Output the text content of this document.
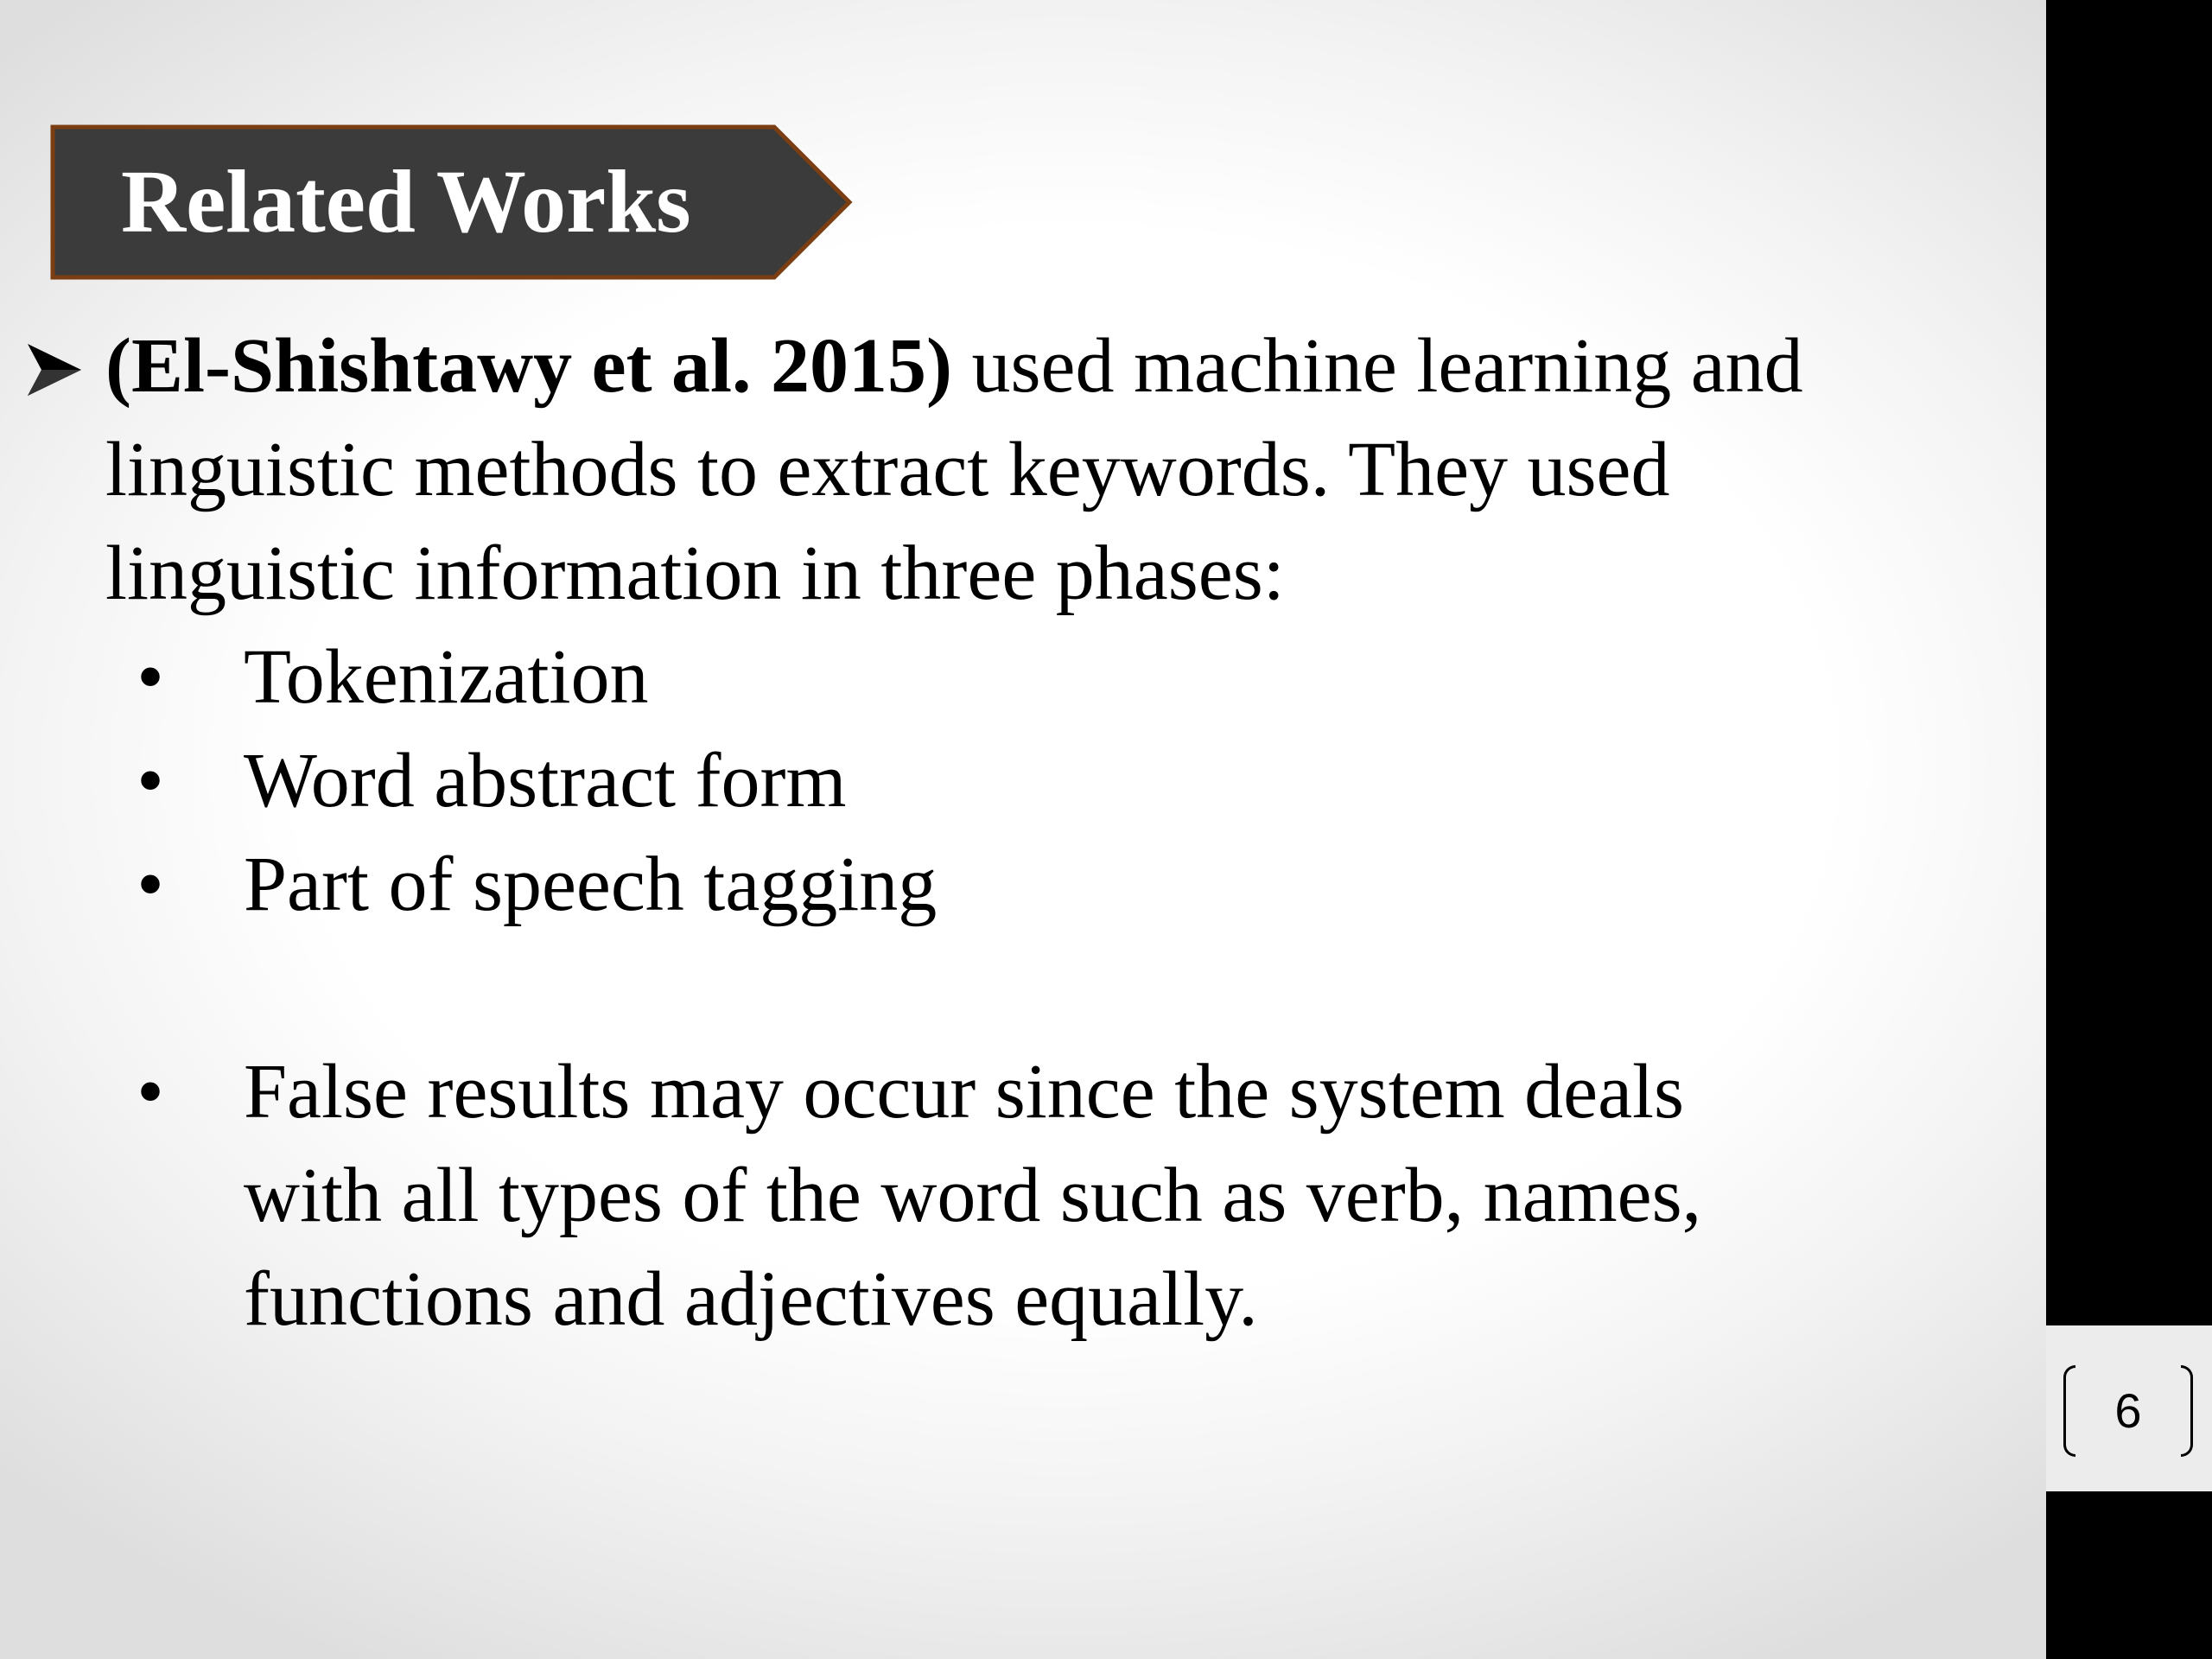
Related Works

(El-Shishtawy et al. 2015) used machine learning and
linguistic methods to extract keywords. They used
linguistic information in three phases:

• Tokenization
• Word abstract form
• Part of speech tagging
• False results may occur since the system deals
with all types of the word such as verb, names,
functions and adjectives equally.
6
